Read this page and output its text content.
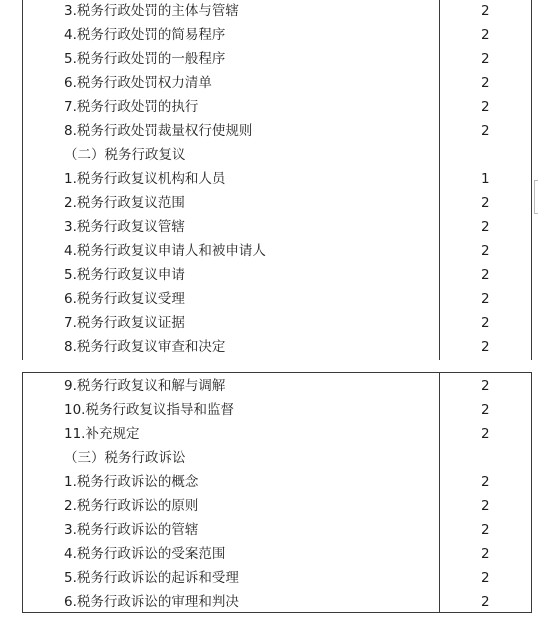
3.税务行政处罚的主体与管辖	2
4.税务行政处罚的简易程序	2
5.税务行政处罚的一般程序	2
6.税务行政处罚权力清单	2
7.税务行政处罚的执行	2
8.税务行政处罚裁量权行使规则	2
（二）税务行政复议
1.税务行政复议机构和人员	1
2.税务行政复议范围	2
3.税务行政复议管辖	2
4.税务行政复议申请人和被申请人	2
5.税务行政复议申请	2
6.税务行政复议受理	2
7.税务行政复议证据	2
8.税务行政复议审查和决定	2
9.税务行政复议和解与调解	2
10.税务行政复议指导和监督	2
11.补充规定	2
（三）税务行政诉讼
1.税务行政诉讼的概念	2
2.税务行政诉讼的原则	2
3.税务行政诉讼的管辖	2
4.税务行政诉讼的受案范围	2
5.税务行政诉讼的起诉和受理	2
6.税务行政诉讼的审理和判决	2
